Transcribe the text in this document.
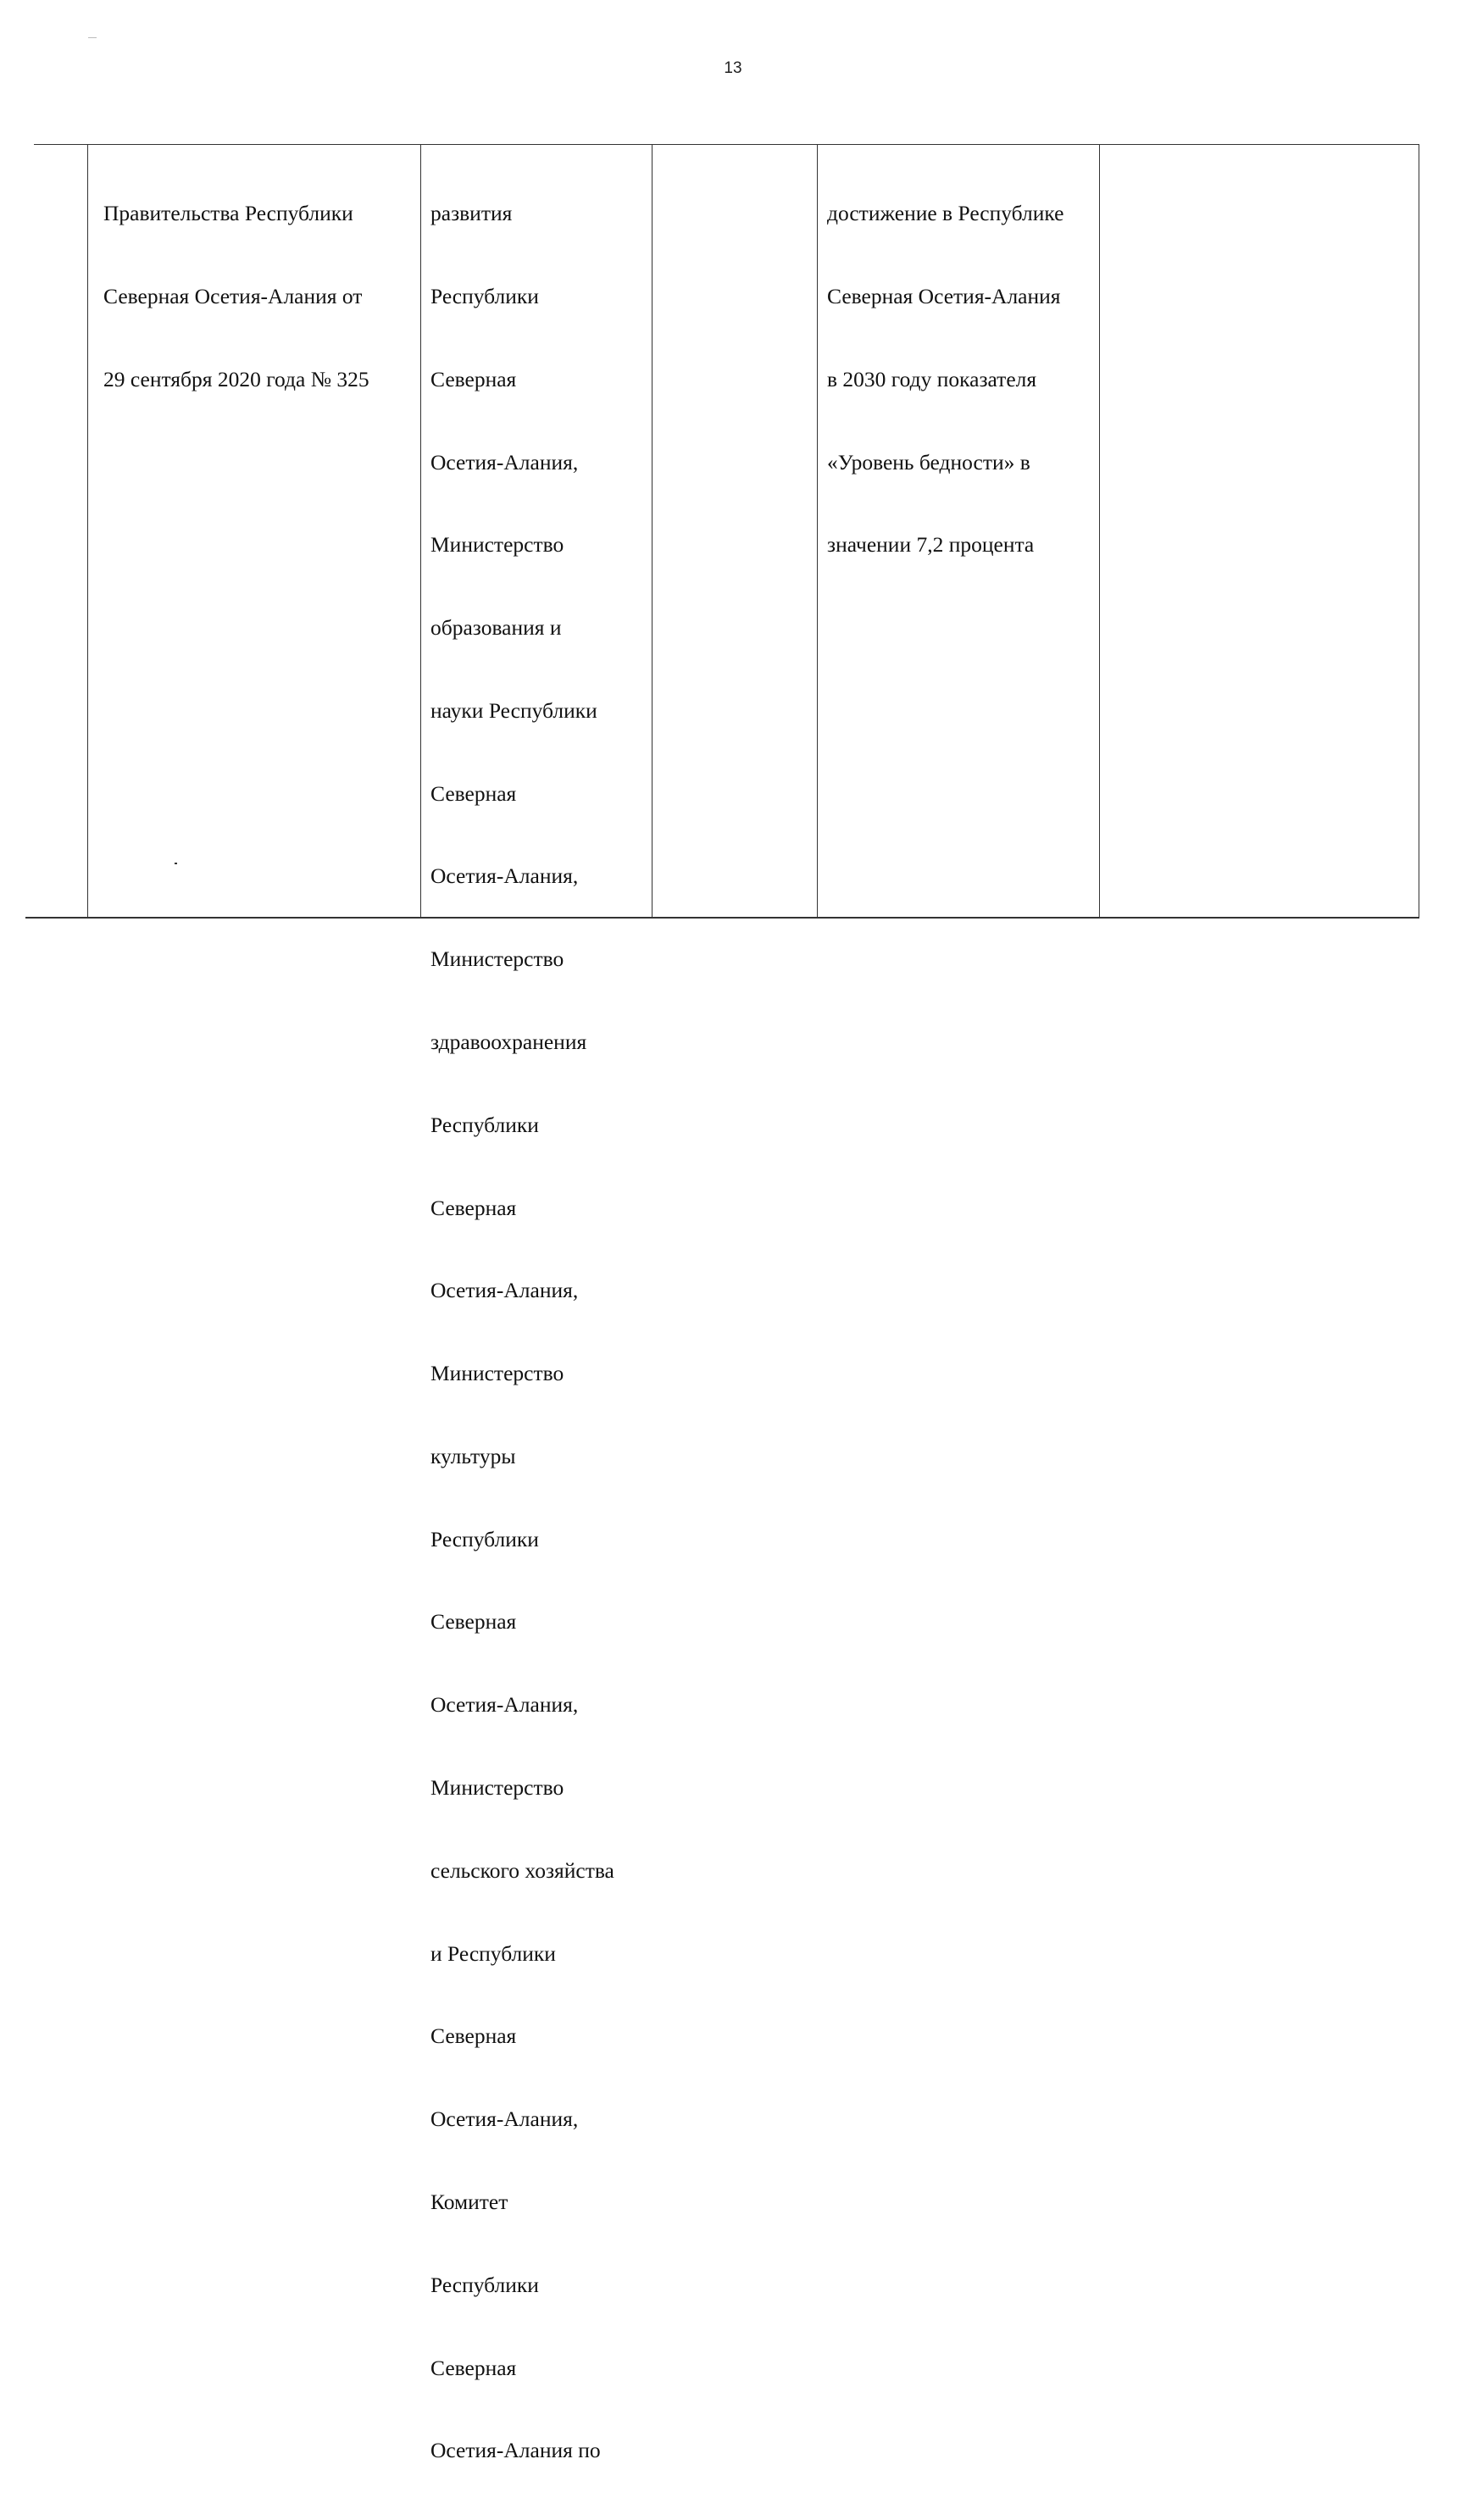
13

Правительства Республики

Северная Осетия-Алания от

29 сентября 2020 года № 325

развития

Республики

Северная

Осетия-Алания,

Министерство

образования и

науки Республики

Северная

Осетия-Алания,

Министерство

здравоохранения

Республики

Северная

Осетия-Алания,

Министерство

культуры

Республики

Северная

Осетия-Алания,

Министерство

сельского хозяйства

и Республики

Северная

Осетия-Алания,

Комитет

Республики

Северная

Осетия-Алания по

достижение в Республике

Северная Осетия-Алания

в 2030 году показателя

«Уровень бедности» в

значении 7,2 процента
